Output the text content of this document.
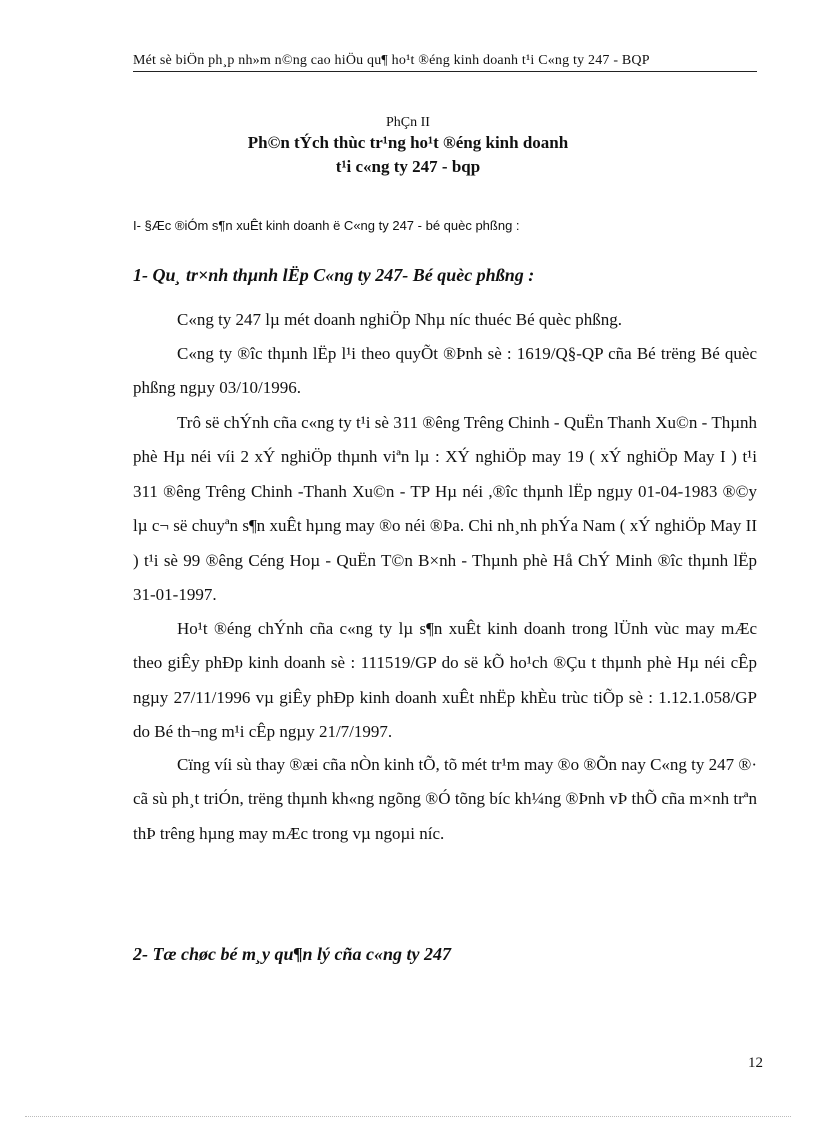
Mét sè biÖn ph¸p nh»m n©ng cao hiÖu qu¶ ho¹t ®éng kinh doanh t¹i C«ng ty 247 - BQP
PhÇn II
Ph©n tÝch thùc tr¹ng ho¹t ®éng kinh doanh
t¹i c«ng ty 247 - bqp
I- §Æc ®iÓm s¶n xuÊt kinh doanh ë C«ng ty 247 - bé quèc phßng :
1- Qu¸ tr×nh thµnh lËp C«ng ty 247- Bé quèc phßng :
C«ng ty 247 lµ mét doanh nghiÖp Nhµ níc thuéc Bé quèc phßng.
C«ng ty ®îc thµnh lËp l¹i theo quyÕt ®Þnh sè : 1619/Q§-QP cña Bé trëng Bé quèc phßng ngµy 03/10/1996.
Trô së chÝnh cña c«ng ty t¹i sè 311 ®êng Trêng Chinh - QuËn Thanh Xu©n - Thµnh phè Hµ néi víi 2 xÝ nghiÖp thµnh viªn lµ : XÝ nghiÖp may 19 ( xÝ nghiÖp May I ) t¹i 311 ®êng Trêng Chinh -Thanh Xu©n - TP Hµ néi ,®îc thµnh lËp ngµy 01-04-1983 ®©y lµ c¬ së chuyªn s¶n xuÊt hµng may ®o néi ®Þa. Chi nh¸nh phÝa Nam ( xÝ nghiÖp May II ) t¹i sè 99 ®êng Céng Hoµ - QuËn T©n B×nh - Thµnh phè Hå ChÝ Minh ®îc thµnh lËp 31-01-1997.
Ho¹t ®éng chÝnh cña c«ng ty lµ s¶n xuÊt kinh doanh trong lÜnh vùc may mÆc theo giÊy phÐp kinh doanh sè : 111519/GP do së kÕ ho¹ch ®Çu t thµnh phè Hµ néi cÊp ngµy 27/11/1996 vµ giÊy phÐp kinh doanh xuÊt nhËp khÈu trùc tiÕp sè : 1.12.1.058/GP do Bé th¬ng m¹i cÊp ngµy 21/7/1997.
Cïng víi sù thay ®æi cña nÒn kinh tÕ, tõ mét tr¹m may ®o ®Õn nay C«ng ty 247 ®· cã sù ph¸t triÓn, trëng thµnh kh«ng ngõng ®Ó tõng bíc kh¼ng ®Þnh vÞ thÕ cña m×nh trªn thÞ trêng hµng may mÆc trong vµ ngoµi níc.
2- Tæ chøc bé m¸y qu¶n lý cña c«ng ty 247
12
